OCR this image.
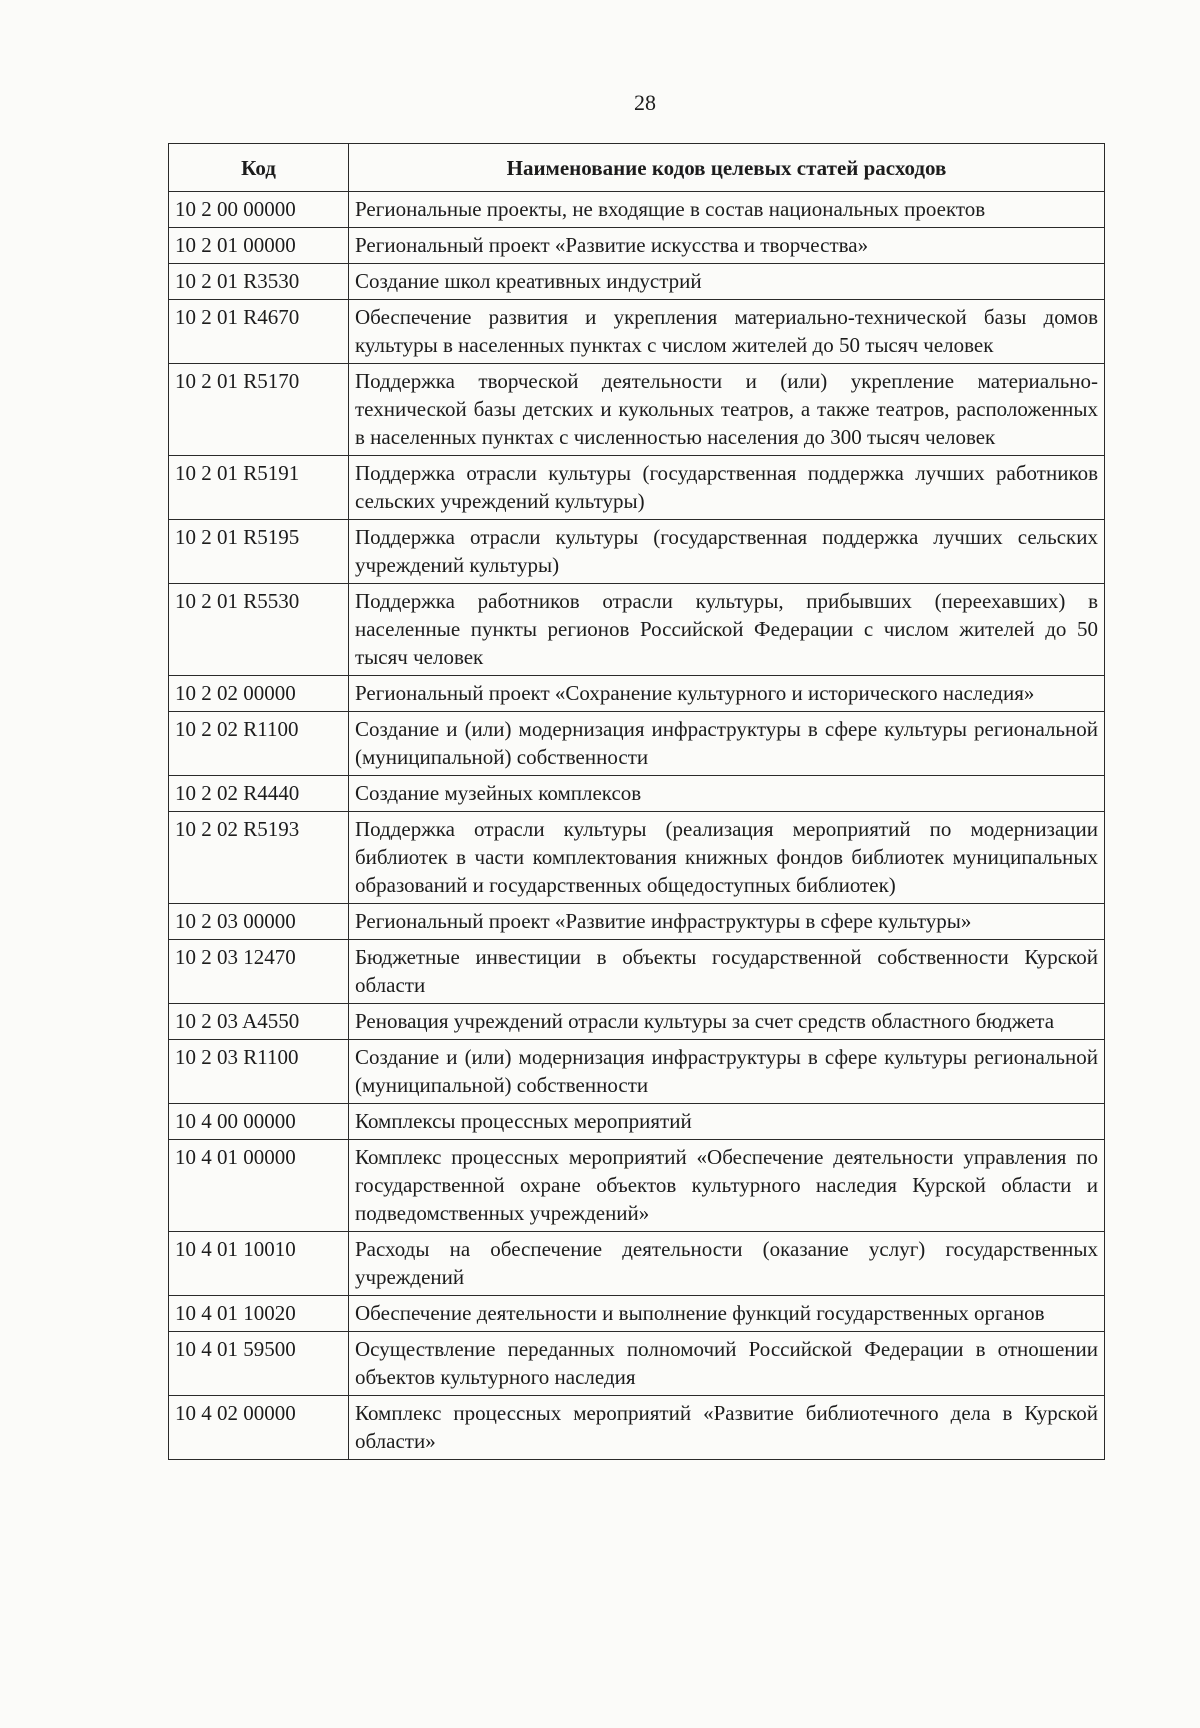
28
Код	Наименование кодов целевых статей расходов
10 2 00 00000	Региональные проекты, не входящие в состав национальных проектов
10 2 01 00000	Региональный проект «Развитие искусства и творчества»
10 2 01 R3530	Создание школ креативных индустрий
10 2 01 R4670	Обеспечение развития и укрепления материально-технической базы домов культуры в населенных пунктах с числом жителей до 50 тысяч человек
10 2 01 R5170	Поддержка творческой деятельности и (или) укрепление материально-технической базы детских и кукольных театров, а также театров, расположенных в населенных пунктах с численностью населения до 300 тысяч человек
10 2 01 R5191	Поддержка отрасли культуры (государственная поддержка лучших работников сельских учреждений культуры)
10 2 01 R5195	Поддержка отрасли культуры (государственная поддержка лучших сельских учреждений культуры)
10 2 01 R5530	Поддержка работников отрасли культуры, прибывших (переехавших) в населенные пункты регионов Российской Федерации с числом жителей до 50 тысяч человек
10 2 02 00000	Региональный проект «Сохранение культурного и исторического наследия»
10 2 02 R1100	Создание и (или) модернизация инфраструктуры в сфере культуры региональной (муниципальной) собственности
10 2 02 R4440	Создание музейных комплексов
10 2 02 R5193	Поддержка отрасли культуры (реализация мероприятий по модернизации библиотек в части комплектования книжных фондов библиотек муниципальных образований и государственных общедоступных библиотек)
10 2 03 00000	Региональный проект «Развитие инфраструктуры в сфере культуры»
10 2 03 12470	Бюджетные инвестиции в объекты государственной собственности Курской области
10 2 03 A4550	Реновация учреждений отрасли культуры за счет средств областного бюджета
10 2 03 R1100	Создание и (или) модернизация инфраструктуры в сфере культуры региональной (муниципальной) собственности
10 4 00 00000	Комплексы процессных мероприятий
10 4 01 00000	Комплекс процессных мероприятий «Обеспечение деятельности управления по государственной охране объектов культурного наследия Курской области и подведомственных учреждений»
10 4 01 10010	Расходы на обеспечение деятельности (оказание услуг) государственных учреждений
10 4 01 10020	Обеспечение деятельности и выполнение функций государственных органов
10 4 01 59500	Осуществление переданных полномочий Российской Федерации в отношении объектов культурного наследия
10 4 02 00000	Комплекс процессных мероприятий «Развитие библиотечного дела в Курской области»
